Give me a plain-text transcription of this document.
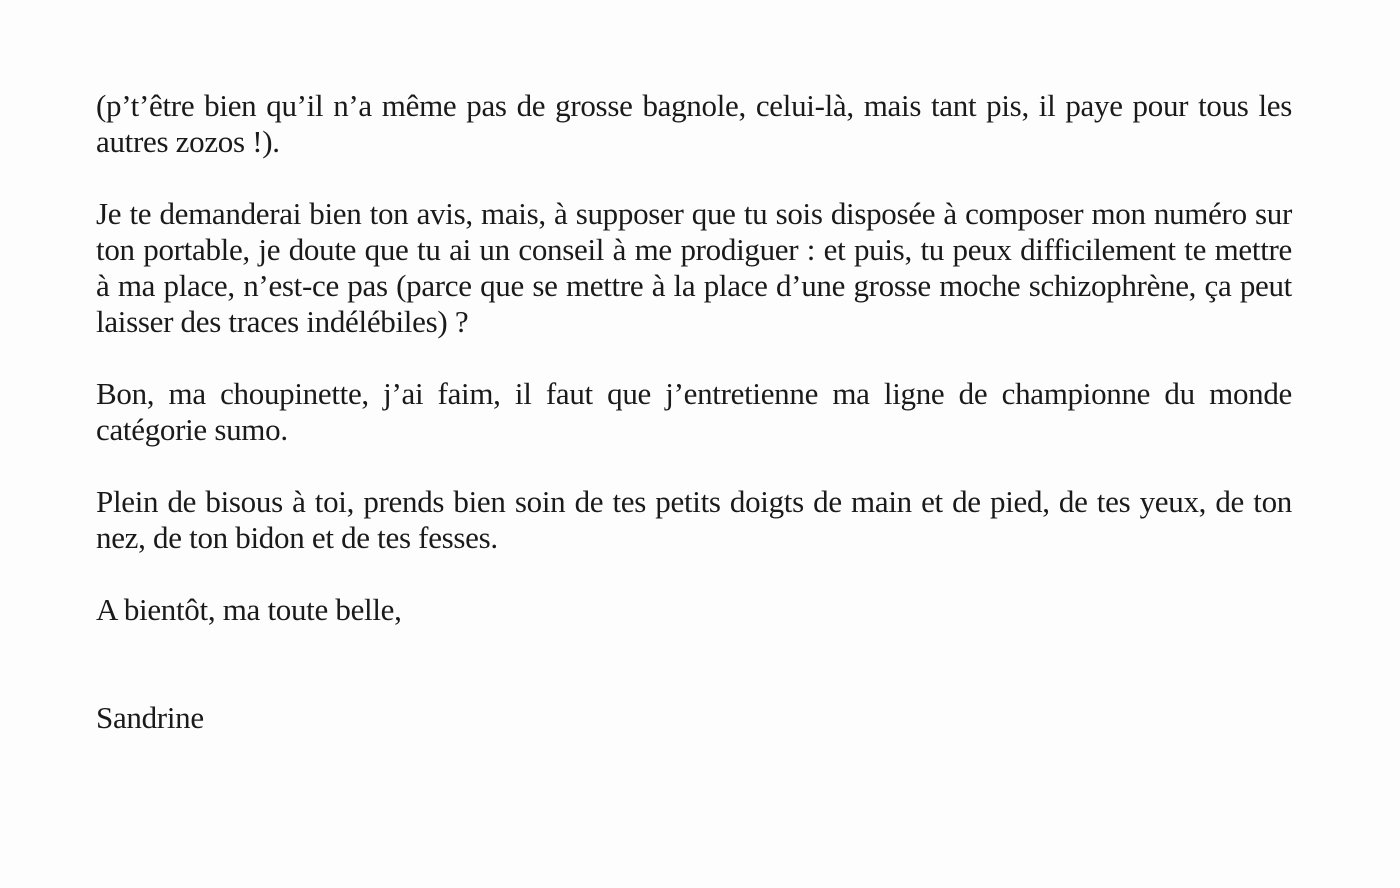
(p’t’être bien qu’il n’a même pas de grosse bagnole, celui-là, mais tant pis, il paye pour tous les autres zozos !).

Je te demanderai bien ton avis, mais, à supposer que tu sois disposée à composer mon numéro sur ton portable, je doute que tu ai un conseil à me prodiguer : et puis, tu peux difficilement te mettre à ma place, n’est-ce pas (parce que se mettre à la place d’une grosse moche schizophrène, ça peut laisser des traces indélébiles) ?

Bon, ma choupinette, j’ai faim, il faut que j’entretienne ma ligne de championne du monde catégorie sumo.

Plein de bisous à toi, prends bien soin de tes petits doigts de main et de pied, de tes yeux, de ton nez, de ton bidon et de tes fesses.

A bientôt, ma toute belle,

Sandrine
